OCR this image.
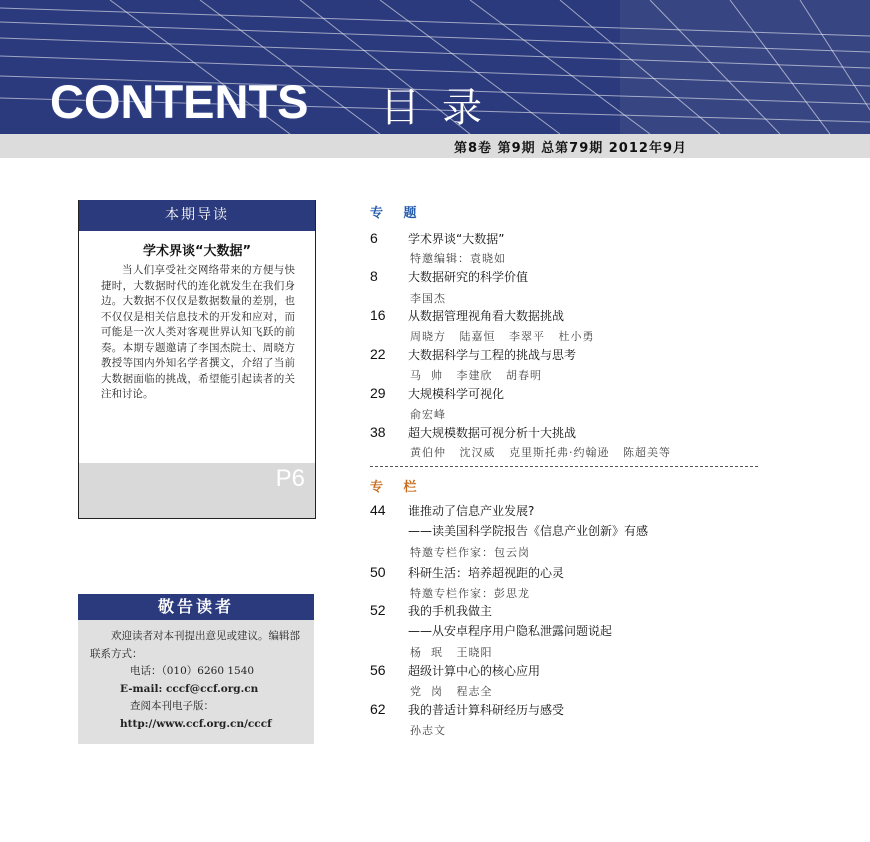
CONTENTS 目录
第8卷 第9期 总第79期 2012年9月
本期导读
学术界谈“大数据”

当人们享受社交网络带来的方便与快捷时，大数据时代的连化就发生在我们身边。大数据不仅仅是数据数量的差别，也不仅仅是相关信息技术的开发和应对，而可能是一次人类对客观世界认知飞跃的前奏。本期专题邀请了李国杰院士、周晓方教授等国内外知名学者撰文，介绍了当前大数据面临的挑战，希望能引起读者的关注和讨论。

P6
敬告读者
欢迎读者对本刊提出意见或建议。编辑部联系方式：
电话：（010）6260 1540
E-mail: cccf@ccf.org.cn
查阅本刊电子版：
http://www.ccf.org.cn/cccf
专 题
6	学术界谈“大数据”
特邀编辑：袁晓如
8	大数据研究的科学价值
李国杰
16 从数据管理视角看大数据挑战
周晓方   陆嘉恒   李翠平   杜小勇
22 大数据科学与工程的挑战与思考
马  帅   李建欣   胡春明
29 大规模科学可视化
俞宏峰
38 超大规模数据可视分析十大挑战
黄伯仲   沈汉威   克里斯托弗·约翰逊   陈超美等
专 栏
44 谁推动了信息产业发展?
——读美国科学院报告《信息产业创新》有感
特邀专栏作家：包云岗
50 科研生活：培养超视距的心灵
特邀专栏作家：彭思龙
52 我的手机我做主
——从安卓程序用户隐私泄露问题说起
杨  珉   王晓阳
56 超级计算中心的核心应用
党  岗   程志全
62 我的普适计算科研经历与感受
孙志文
